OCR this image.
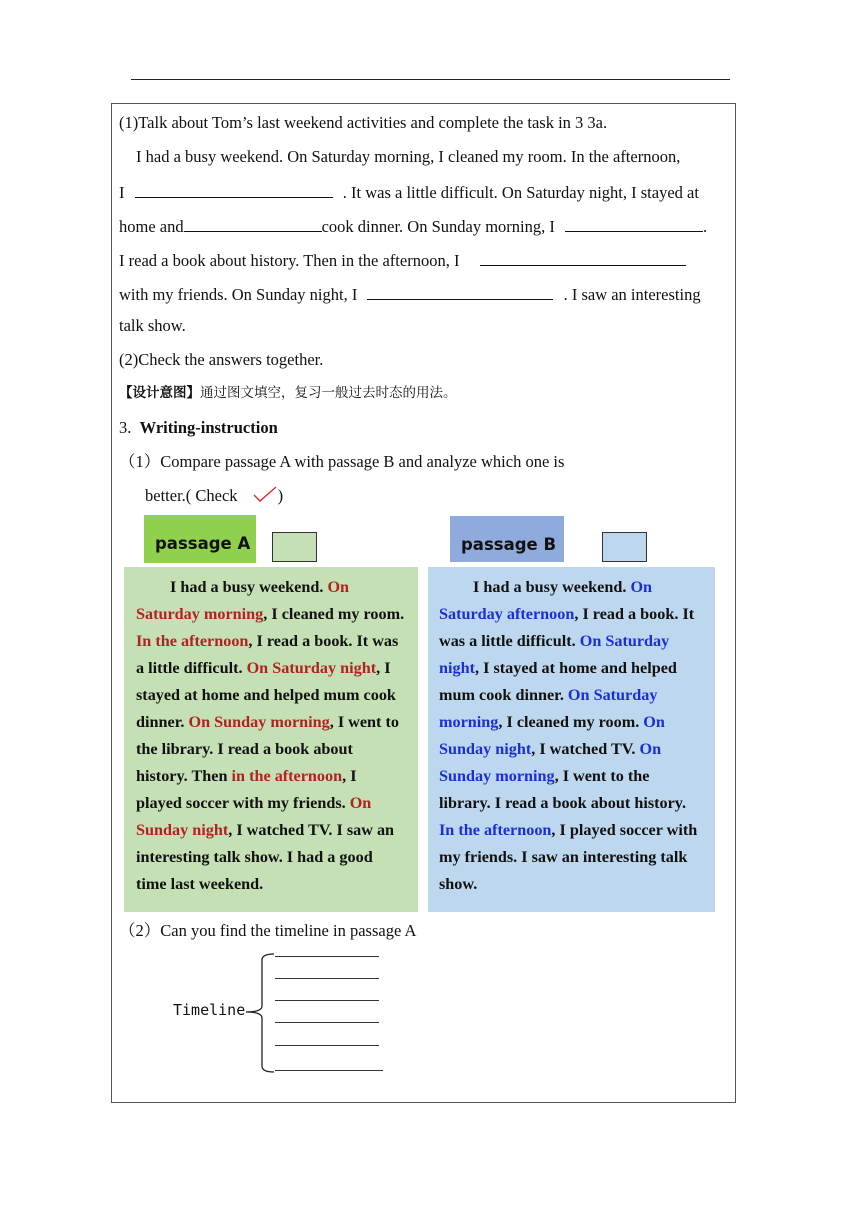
(1)Talk about Tom’s last weekend activities and complete the task in 3 3a.
I had a busy weekend. On Saturday morning, I cleaned my room. In the afternoon,
I	. It was a little difficult. On Saturday night, I stayed at
home and	cook dinner. On Sunday morning, I	.
I read a book about history. Then in the afternoon, I
with my friends. On Sunday night, I	. I saw an interesting
talk show.
(2)Check the answers together.
【设计意图】通过图文填空，复习一般过去时态的用法。
3. Writing-instruction
（1）Compare passage A with passage B and analyze which one is
better.( Check )
passage A	passage B
I had a busy weekend. On Saturday morning, I cleaned my room. In the afternoon, I read a book. It was a little difficult. On Saturday night, I stayed at home and helped mum cook dinner. On Sunday morning, I went to the library. I read a book about history. Then in the afternoon, I played soccer with my friends. On Sunday night, I watched TV. I saw an interesting talk show. I had a good time last weekend.
I had a busy weekend. On Saturday afternoon, I read a book. It was a little difficult. On Saturday night, I stayed at home and helped mum cook dinner. On Saturday morning, I cleaned my room. On Sunday night, I watched TV. On Sunday morning, I went to the library. I read a book about history. In the afternoon, I played soccer with my friends. I saw an interesting talk show.
（2）Can you find the timeline in passage A
Timeline
